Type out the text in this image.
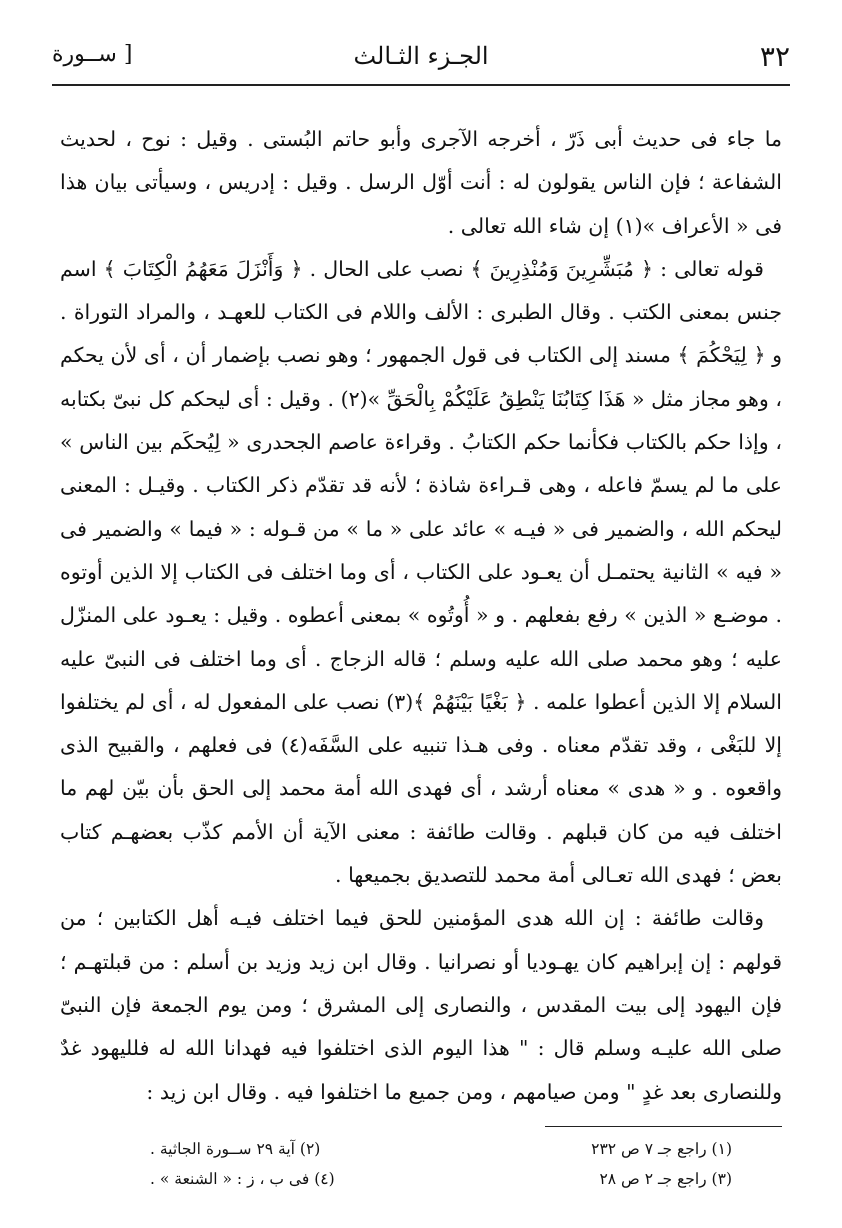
٣٢
الجـزء الثـالث
[ ســورة

ما جاء فى حديث أبى ذَرّ ، أخرجه الآجرى وأبو حاتم البُستى . وقيل : نوح ، لحديث الشفاعة ؛ فإن الناس يقولون له : أنت أوّل الرسل . وقيل : إدريس ، وسيأتى بيان هذا فى « الأعراف »(١) إن شاء الله تعالى .

قوله تعالى : ﴿ مُبَشِّرِينَ وَمُنْذِرِينَ ﴾ نصب على الحال . ﴿ وَأَنْزَلَ مَعَهُمُ الْكِتَابَ ﴾ اسم جنس بمعنى الكتب . وقال الطبرى : الألف واللام فى الكتاب للعهـد ، والمراد التوراة . و ﴿ لِيَحْكُمَ ﴾ مسند إلى الكتاب فى قول الجمهور ؛ وهو نصب بإضمار أن ، أى لأن يحكم ، وهو مجاز مثل « هَذَا كِتَابُنَا يَنْطِقُ عَلَيْكُمْ بِالْحَقِّ »(٢) . وقيل : أى ليحكم كل نبىّ بكتابه ، وإذا حكم بالكتاب فكأنما حكم الكتابُ . وقراءة عاصم الجحدرى « لِيُحكَم بين الناس » على ما لم يسمّ فاعله ، وهى قـراءة شاذة ؛ لأنه قد تقدّم ذكر الكتاب . وقيـل : المعنى ليحكم الله ، والضمير فى « فيـه » عائد على « ما » من قـوله : « فيما » والضمير فى « فيه » الثانية يحتمـل أن يعـود على الكتاب ، أى وما اختلف فى الكتاب إلا الذين أوتوه . موضـع « الذين » رفع بفعلهم . و « أُوتُوه » بمعنى أعطوه . وقيل : يعـود على المنزّل عليه ؛ وهو محمد صلى الله عليه وسلم ؛ قاله الزجاج . أى وما اختلف فى النبىّ عليه السلام إلا الذين أعطوا علمه . ﴿ بَغْيًا بَيْنَهُمْ ﴾(٣) نصب على المفعول له ، أى لم يختلفوا إلا للبَغْى ، وقد تقدّم معناه . وفى هـذا تنبيه على السَّفَه(٤) فى فعلهم ، والقبيح الذى واقعوه . و « هدى » معناه أرشد ، أى فهدى الله أمة محمد إلى الحق بأن بيّن لهم ما اختلف فيه من كان قبلهم . وقالت طائفة : معنى الآية أن الأمم كذّب بعضهـم كتاب بعض ؛ فهدى الله تعـالى أمة محمد للتصديق بجميعها .

وقالت طائفة : إن الله هدى المؤمنين للحق فيما اختلف فيـه أهل الكتابين ؛ من قولهم : إن إبراهيم كان يهـوديا أو نصرانيا . وقال ابن زيد وزيد بن أسلم : من قبلتهـم ؛ فإن اليهود إلى بيت المقدس ، والنصارى إلى المشرق ؛ ومن يوم الجمعة فإن النبىّ صلى الله عليـه وسلم قال : " هذا اليوم الذى اختلفوا فيه فهدانا الله له فلليهود غدٌ وللنصارى بعد غدٍ " ومن صيامهم ، ومن جميع ما اختلفوا فيه . وقال ابن زيد :

(١) راجع جـ ٧ ص ٢٣٢
(٢) آية ٢٩ ســورة الجاثية .
(٣) راجع جـ ٢ ص ٢٨
(٤) فى ب ، ز : « الشنعة » .
